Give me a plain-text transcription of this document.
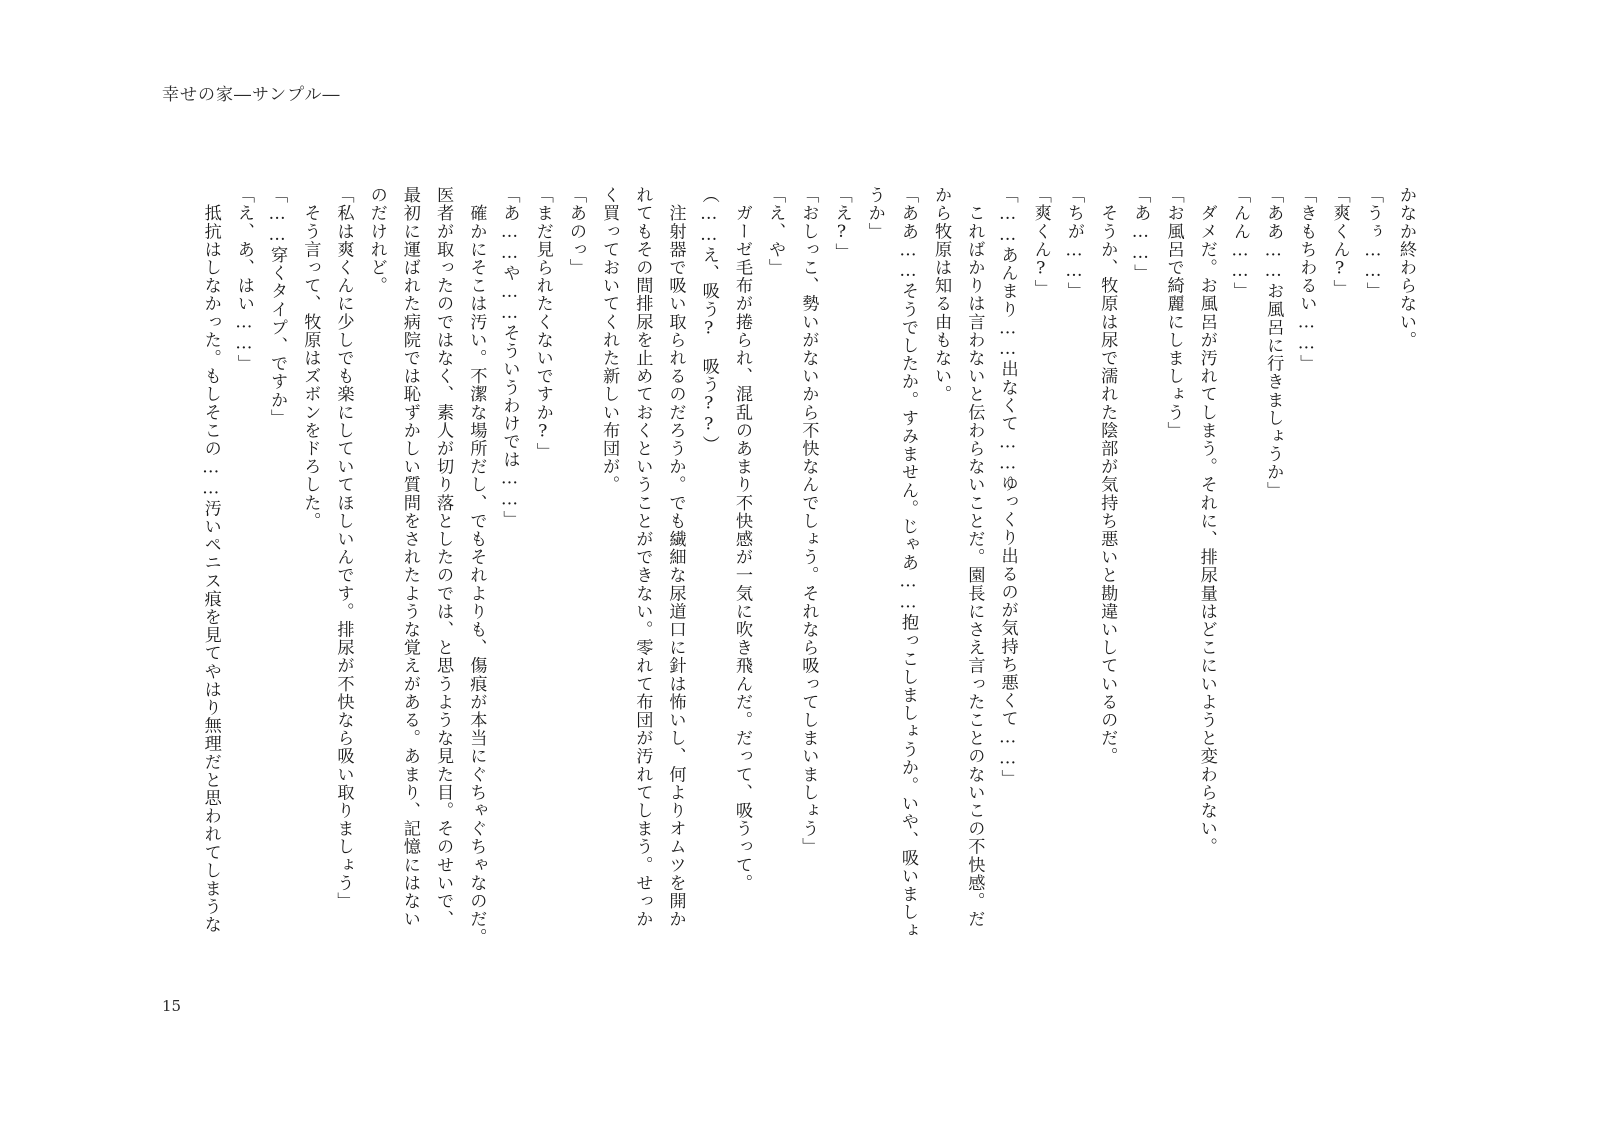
幸せの家―サンプル―
かなか終わらない。
「うぅ……」
「爽くん?」
「きもちわるい……」
「ああ……お風呂に行きましょうか」
「んん……」
　ダメだ。お風呂が汚れてしまう。それに、排尿量はどこにいようと変わらない。
「お風呂で綺麗にしましょう」
「あ……」
　そうか、牧原は尿で濡れた陰部が気持ち悪いと勘違いしているのだ。
「ちが……」
「爽くん?」
「……あんまり……出なくて……ゆっくり出るのが気持ち悪くて……」
　こればかりは言わないと伝わらないことだ。園長にさえ言ったことのないこの不快感。だ
から牧原は知る由もない。
「ああ……そうでしたか。すみません。じゃあ……抱っこしましょうか。いや、吸いましょ
うか」
「え?」
「おしっこ、勢いがないから不快なんでしょう。それなら吸ってしまいましょう」
「え、や」
　ガーゼ毛布が捲られ、混乱のあまり不快感が一気に吹き飛んだ。だって、吸うって。
（……え、吸う?　吸う??）
　注射器で吸い取られるのだろうか。でも繊細な尿道口に針は怖いし、何よりオムツを開か
れてもその間排尿を止めておくということができない。零れて布団が汚れてしまう。せっか
く買っておいてくれた新しい布団が。
「あのっ」
「まだ見られたくないですか?」
「あ……や……そういうわけでは……」
　確かにそこは汚い。不潔な場所だし、でもそれよりも、傷痕が本当にぐちゃぐちゃなのだ。
医者が取ったのではなく、素人が切り落としたのでは、と思うような見た目。そのせいで、
最初に運ばれた病院では恥ずかしい質問をされたような覚えがある。あまり、記憶にはない
のだけれど。
「私は爽くんに少しでも楽にしていてほしいんです。排尿が不快なら吸い取りましょう」
　そう言って、牧原はズボンをドろした。
「……穿くタイプ、ですか」
「え、あ、はい……」
　抵抗はしなかった。もしそこの……汚いペニス痕を見てやはり無理だと思われてしまうな
15
